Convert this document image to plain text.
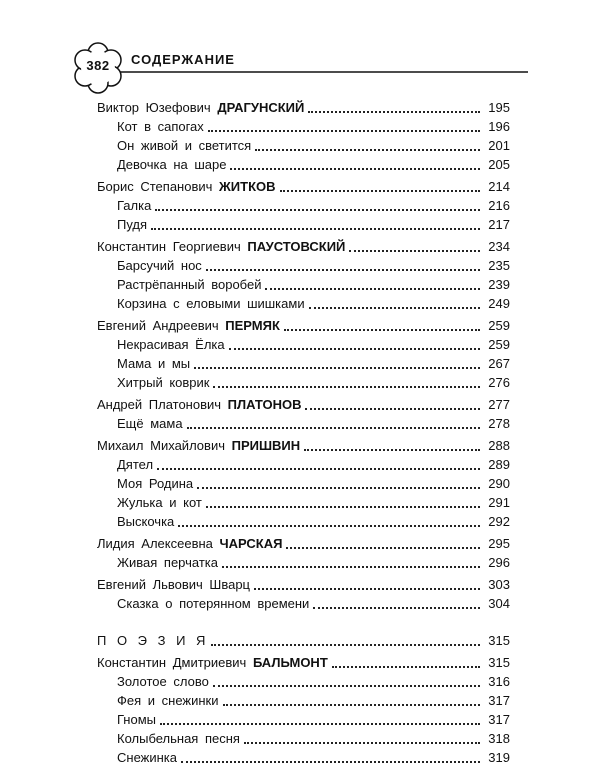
382	СОДЕРЖАНИЕ
Виктор Юзефович ДРАГУНСКИЙ	195
Кот в сапогах	196
Он живой и светится	201
Девочка на шаре	205
Борис Степанович ЖИТКОВ	214
Галка	216
Пудя	217
Константин Георгиевич ПАУСТОВСКИЙ	234
Барсучий нос	235
Растрёпанный воробей	239
Корзина с еловыми шишками	249
Евгений Андреевич ПЕРМЯК	259
Некрасивая Ёлка	259
Мама и мы	267
Хитрый коврик	276
Андрей Платонович ПЛАТОНОВ	277
Ещё мама	278
Михаил Михайлович ПРИШВИН	288
Дятел	289
Моя Родина	290
Жулька и кот	291
Выскочка	292
Лидия Алексеевна ЧАРСКАЯ	295
Живая перчатка	296
Евгений Львович Шварц	303
Сказка о потерянном времени	304
П О Э З И Я	315
Константин Дмитриевич БАЛЬМОНТ	315
Золотое слово	316
Фея и снежинки	317
Гномы	317
Колыбельная песня	318
Снежинка	319
